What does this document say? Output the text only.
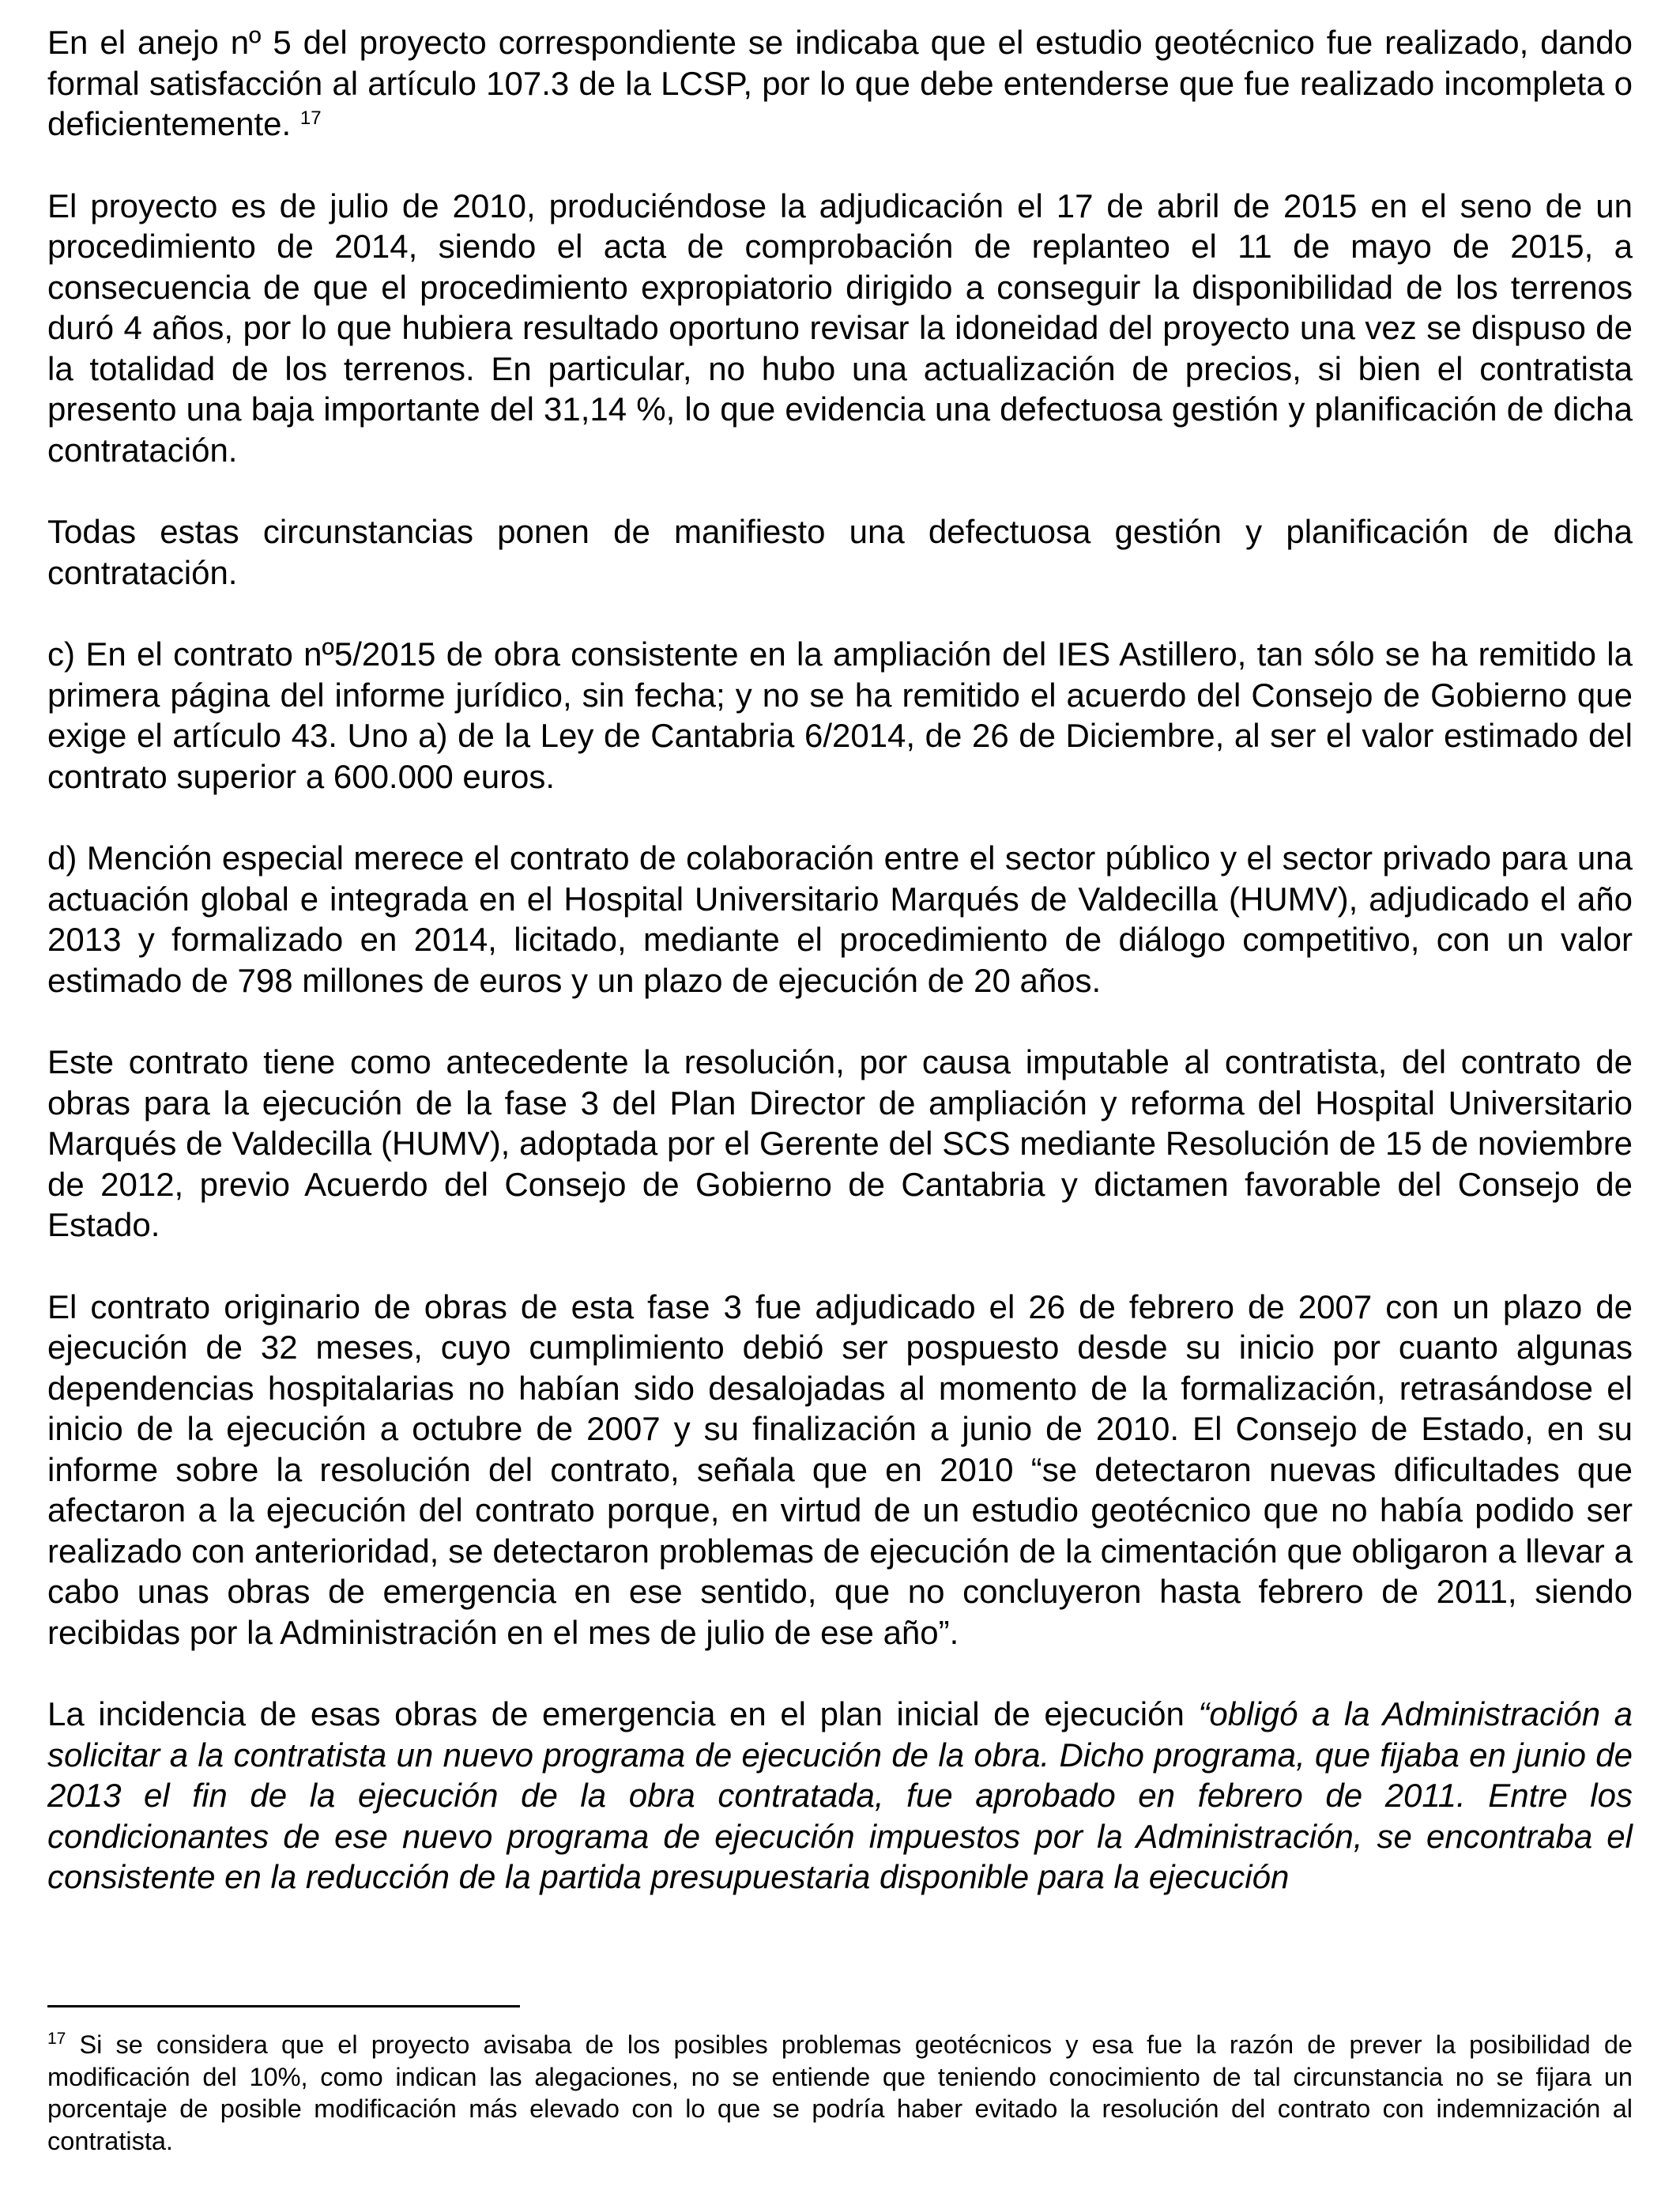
En el anejo nº 5 del proyecto correspondiente se indicaba que el estudio geotécnico fue realizado, dando formal satisfacción al artículo 107.3 de la LCSP, por lo que debe entenderse que fue realizado incompleta o deficientemente. $^{17}$

El proyecto es de julio de 2010, produciéndose la adjudicación el 17 de abril de 2015 en el seno de un procedimiento de 2014, siendo el acta de comprobación de replanteo el 11 de mayo de 2015, a consecuencia de que el procedimiento expropiatorio dirigido a conseguir la disponibilidad de los terrenos duró 4 años, por lo que hubiera resultado oportuno revisar la idoneidad del proyecto una vez se dispuso de la totalidad de los terrenos. En particular, no hubo una actualización de precios, si bien el contratista presento una baja importante del 31,14 %, lo que evidencia una defectuosa gestión y planificación de dicha contratación.

Todas estas circunstancias ponen de manifiesto una defectuosa gestión y planificación de dicha contratación.

c) En el contrato nº5/2015 de obra consistente en la ampliación del IES Astillero, tan sólo se ha remitido la primera página del informe jurídico, sin fecha; y no se ha remitido el acuerdo del Consejo de Gobierno que exige el artículo 43. Uno a) de la Ley de Cantabria 6/2014, de 26 de Diciembre, al ser el valor estimado del contrato superior a 600.000 euros.

d) Mención especial merece el contrato de colaboración entre el sector público y el sector privado para una actuación global e integrada en el Hospital Universitario Marqués de Valdecilla (HUMV), adjudicado el año 2013 y formalizado en 2014, licitado, mediante el procedimiento de diálogo competitivo, con un valor estimado de 798 millones de euros y un plazo de ejecución de 20 años.

Este contrato tiene como antecedente la resolución, por causa imputable al contratista, del contrato de obras para la ejecución de la fase 3 del Plan Director de ampliación y reforma del Hospital Universitario Marqués de Valdecilla (HUMV), adoptada por el Gerente del SCS mediante Resolución de 15 de noviembre de 2012, previo Acuerdo del Consejo de Gobierno de Cantabria y dictamen favorable del Consejo de Estado.

El contrato originario de obras de esta fase 3 fue adjudicado el 26 de febrero de 2007 con un plazo de ejecución de 32 meses, cuyo cumplimiento debió ser pospuesto desde su inicio por cuanto algunas dependencias hospitalarias no habían sido desalojadas al momento de la formalización, retrasándose el inicio de la ejecución a octubre de 2007 y su finalización a junio de 2010. El Consejo de Estado, en su informe sobre la resolución del contrato, señala que en 2010 “se detectaron nuevas dificultades que afectaron a la ejecución del contrato porque, en virtud de un estudio geotécnico que no había podido ser realizado con anterioridad, se detectaron problemas de ejecución de la cimentación que obligaron a llevar a cabo unas obras de emergencia en ese sentido, que no concluyeron hasta febrero de 2011, siendo recibidas por la Administración en el mes de julio de ese año”.

La incidencia de esas obras de emergencia en el plan inicial de ejecución “obligó a la Administración a solicitar a la contratista un nuevo programa de ejecución de la obra. Dicho programa, que fijaba en junio de 2013 el fin de la ejecución de la obra contratada, fue aprobado en febrero de 2011. Entre los condicionantes de ese nuevo programa de ejecución impuestos por la Administración, se encontraba el consistente en la reducción de la partida presupuestaria disponible para la ejecución

$^{17}$ Si se considera que el proyecto avisaba de los posibles problemas geotécnicos y esa fue la razón de prever la posibilidad de modificación del 10%, como indican las alegaciones, no se entiende que teniendo conocimiento de tal circunstancia no se fijara un porcentaje de posible modificación más elevado con lo que se podría haber evitado la resolución del contrato con indemnización al contratista.
